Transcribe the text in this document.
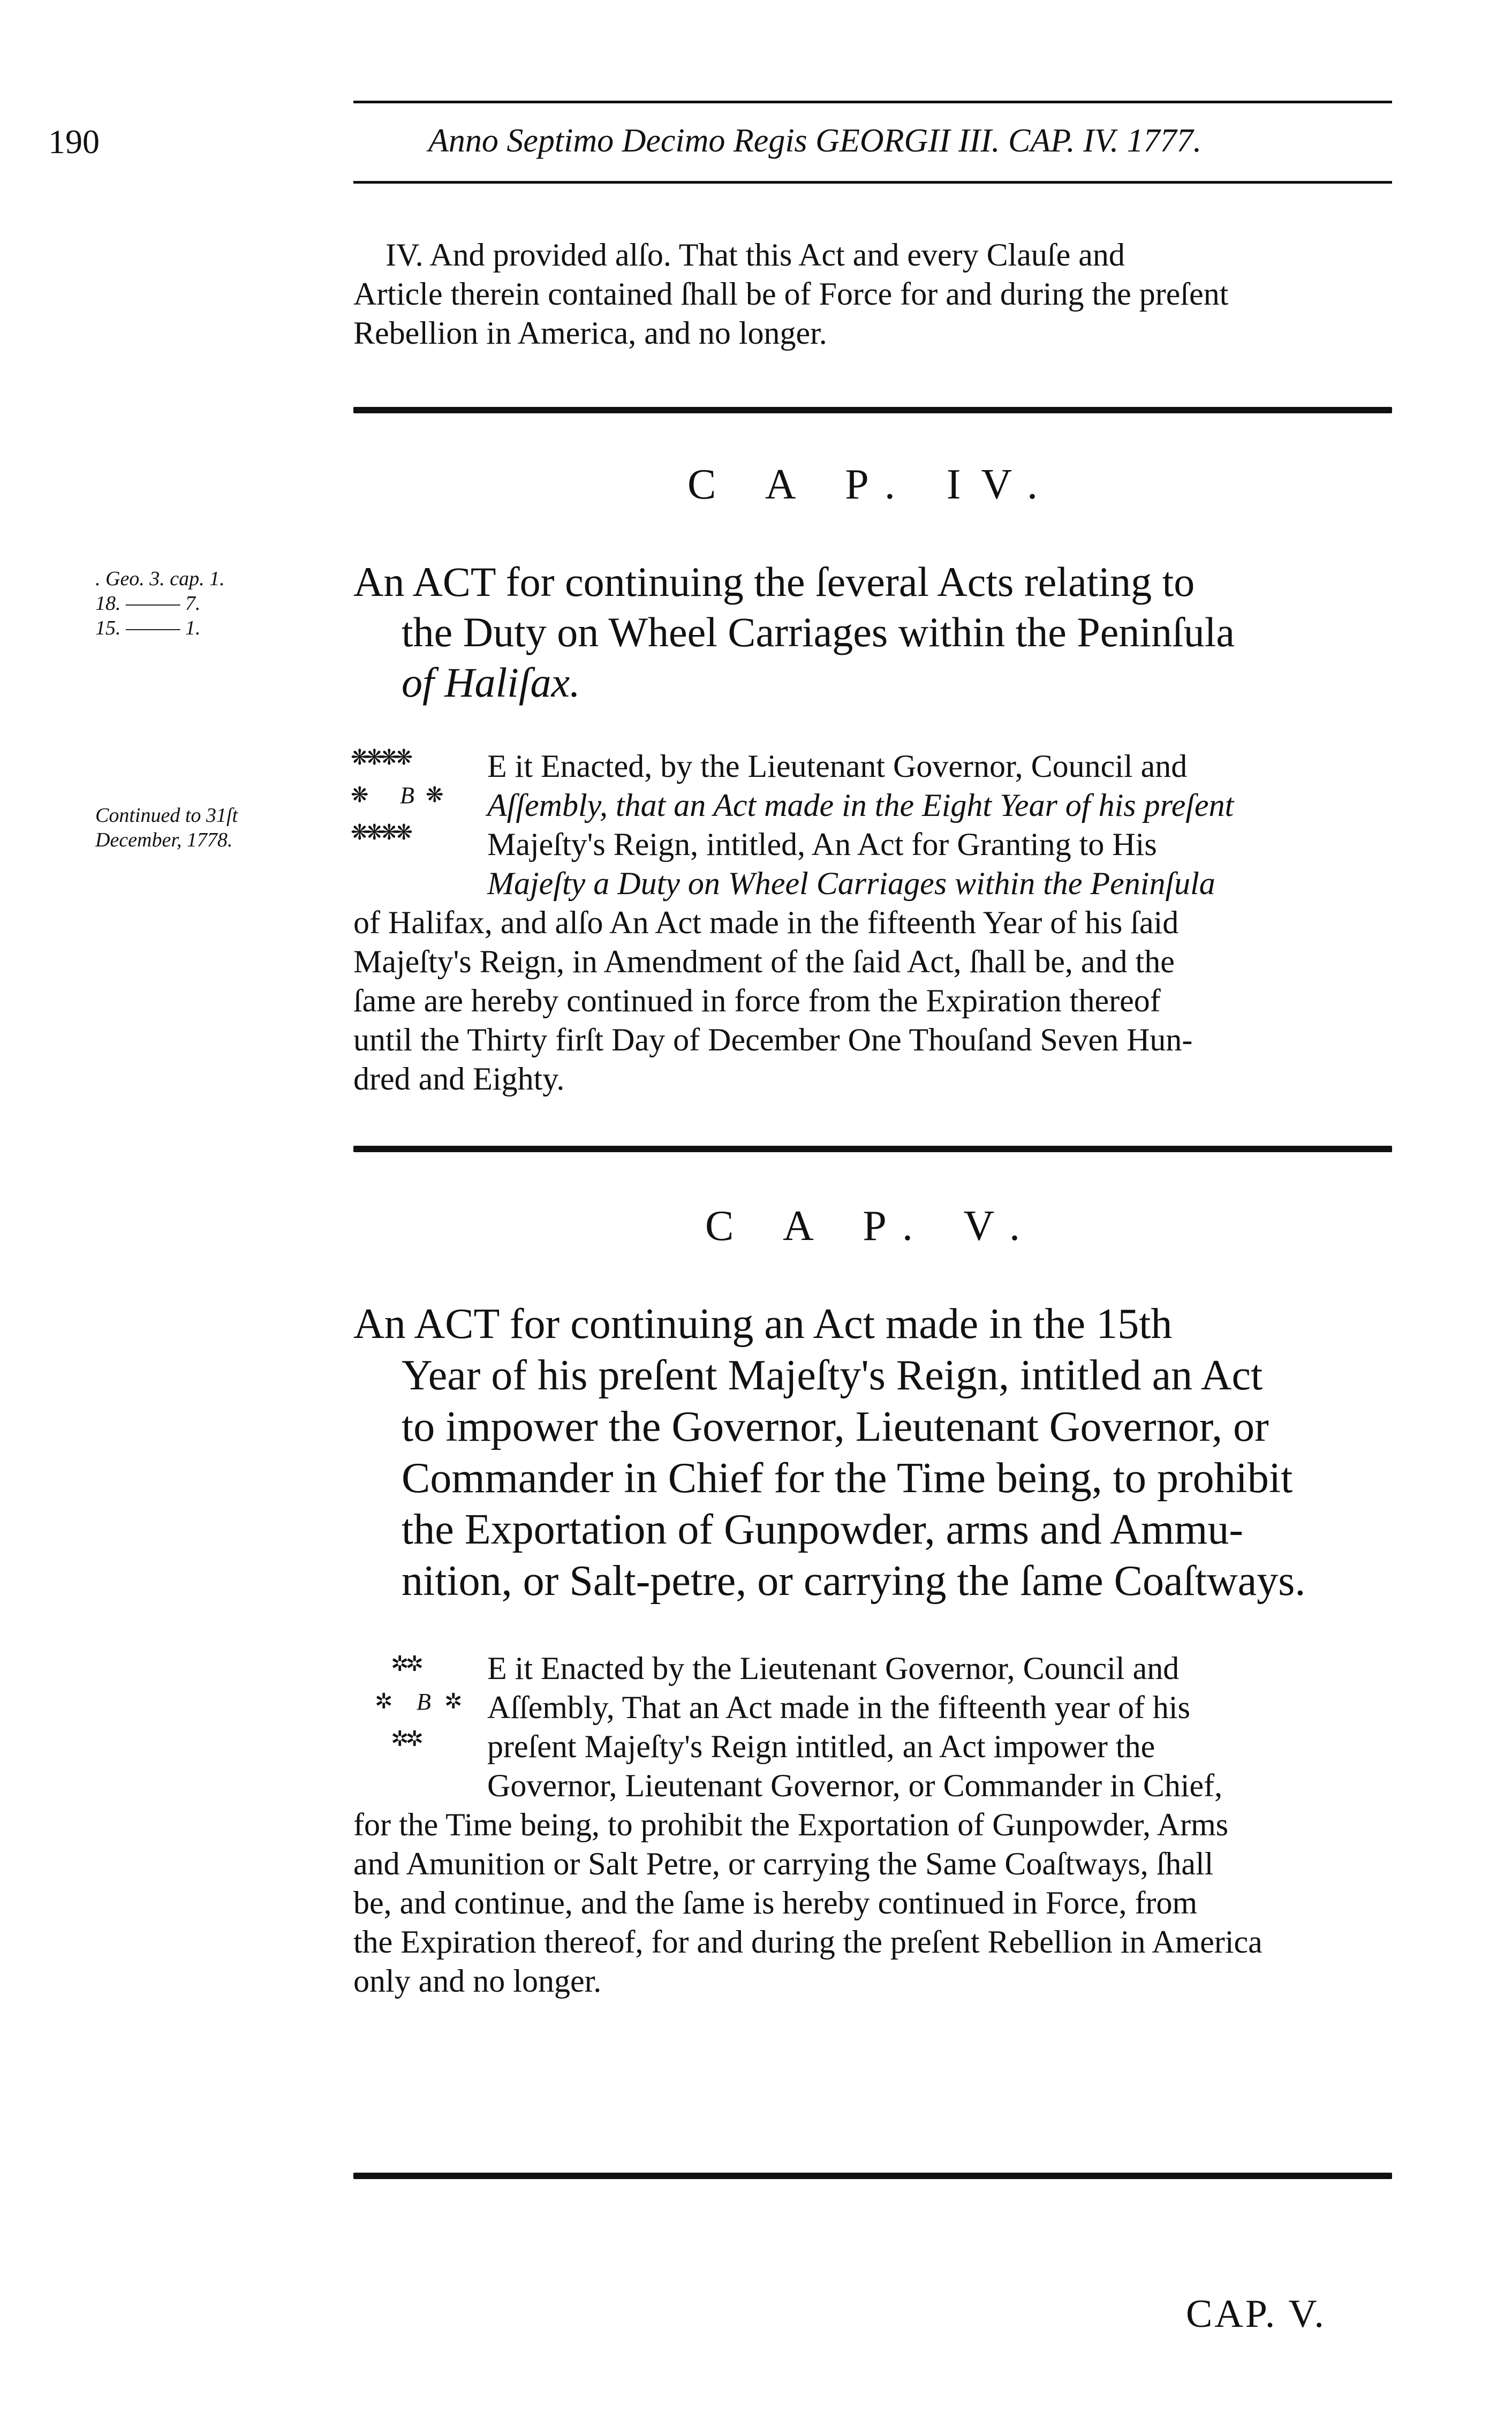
190	Anno Septimo Decimo Regis GEORGII III. CAP. IV. 1777.
IV. And provided alſo. That this Act and every Clauſe and
Article therein contained ſhall be of Force for and during the preſent
Rebellion in America, and no longer.
C A P. IV.
. Geo. 3. cap. 1.
18. ——— 7.
15. ——— 1.
An ACT for continuing the ſeveral Acts relating to
the Duty on Wheel Carriages within the Peninſula
of Haliſax.
Continued to 31ſt
December, 1778.
❋❋❋❋
❋	❋
❋❋❋❋
B
E it Enacted, by the Lieutenant Governor, Council and
Aſſembly, that an Act made in the Eight Year of his preſent
Majeſty's Reign, intitled, An Act for Granting to His
Majeſty a Duty on Wheel Carriages within the Peninſula
of Halifax, and alſo An Act made in the fifteenth Year of his ſaid
Majeſty's Reign, in Amendment of the ſaid Act, ſhall be, and the
ſame are hereby continued in force from the Expiration thereof
until the Thirty firſt Day of December One Thouſand Seven Hun-
dred and Eighty.
C A P. V.
An ACT for continuing an Act made in the 15th
Year of his preſent Majeſty's Reign, intitled an Act
to impower the Governor, Lieutenant Governor, or
Commander in Chief for the Time being, to prohibit
the Exportation of Gunpowder, arms and Ammu-
nition, or Salt-petre, or carrying the ſame Coaſtways.
✲✲
✲	✲
✲✲
B
E it Enacted by the Lieutenant Governor, Council and
Aſſembly, That an Act made in the fifteenth year of his
preſent Majeſty's Reign intitled, an Act impower the
Governor, Lieutenant Governor, or Commander in Chief,
for the Time being, to prohibit the Exportation of Gunpowder, Arms
and Amunition or Salt Petre, or carrying the Same Coaſtways, ſhall
be, and continue, and the ſame is hereby continued in Force, from
the Expiration thereof, for and during the preſent Rebellion in America
only and no longer.
CAP. V.
